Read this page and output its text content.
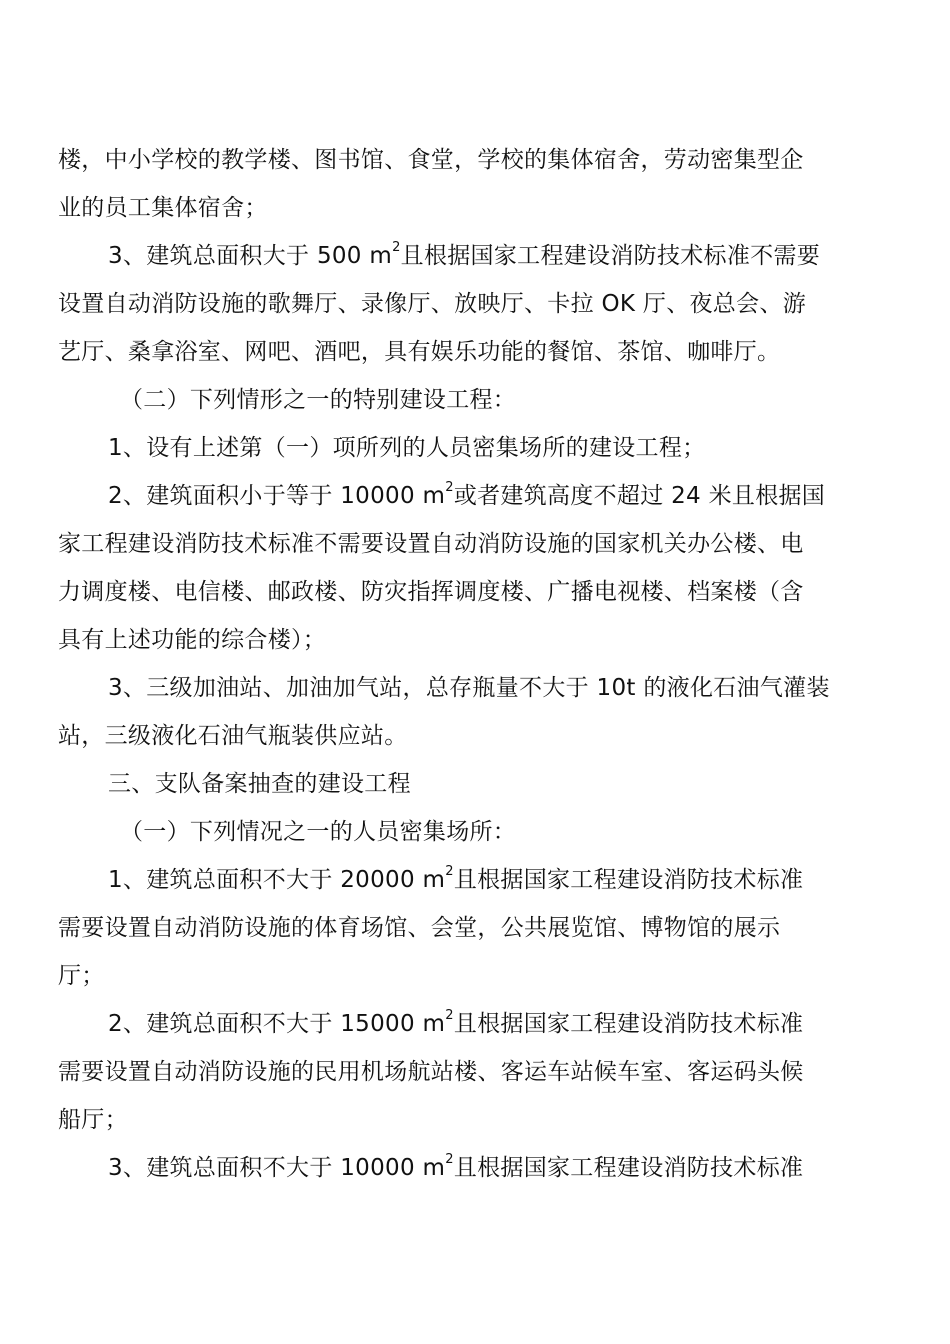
楼，中小学校的教学楼、图书馆、食堂，学校的集体宿舍，劳动密集型企
业的员工集体宿舍；
3、建筑总面积大于 500 $m^2$且根据国家工程建设消防技术标准不需要
设置自动消防设施的歌舞厅、录像厅、放映厅、卡拉 OK 厅、夜总会、游
艺厅、桑拿浴室、网吧、酒吧，具有娱乐功能的餐馆、茶馆、咖啡厅。
（二）下列情形之一的特别建设工程：
1、设有上述第（一）项所列的人员密集场所的建设工程；
2、建筑面积小于等于 10000 $m^2$或者建筑高度不超过 24 米且根据国
家工程建设消防技术标准不需要设置自动消防设施的国家机关办公楼、电
力调度楼、电信楼、邮政楼、防灾指挥调度楼、广播电视楼、档案楼（含
具有上述功能的综合楼）；
3、三级加油站、加油加气站，总存瓶量不大于 10t 的液化石油气灌装
站，三级液化石油气瓶装供应站。
三、支队备案抽查的建设工程
（一）下列情况之一的人员密集场所：
1、建筑总面积不大于 20000 $m^2$且根据国家工程建设消防技术标准
需要设置自动消防设施的体育场馆、会堂，公共展览馆、博物馆的展示
厅；
2、建筑总面积不大于 15000 $m^2$且根据国家工程建设消防技术标准
需要设置自动消防设施的民用机场航站楼、客运车站候车室、客运码头候
船厅；
3、建筑总面积不大于 10000 $m^2$且根据国家工程建设消防技术标准
